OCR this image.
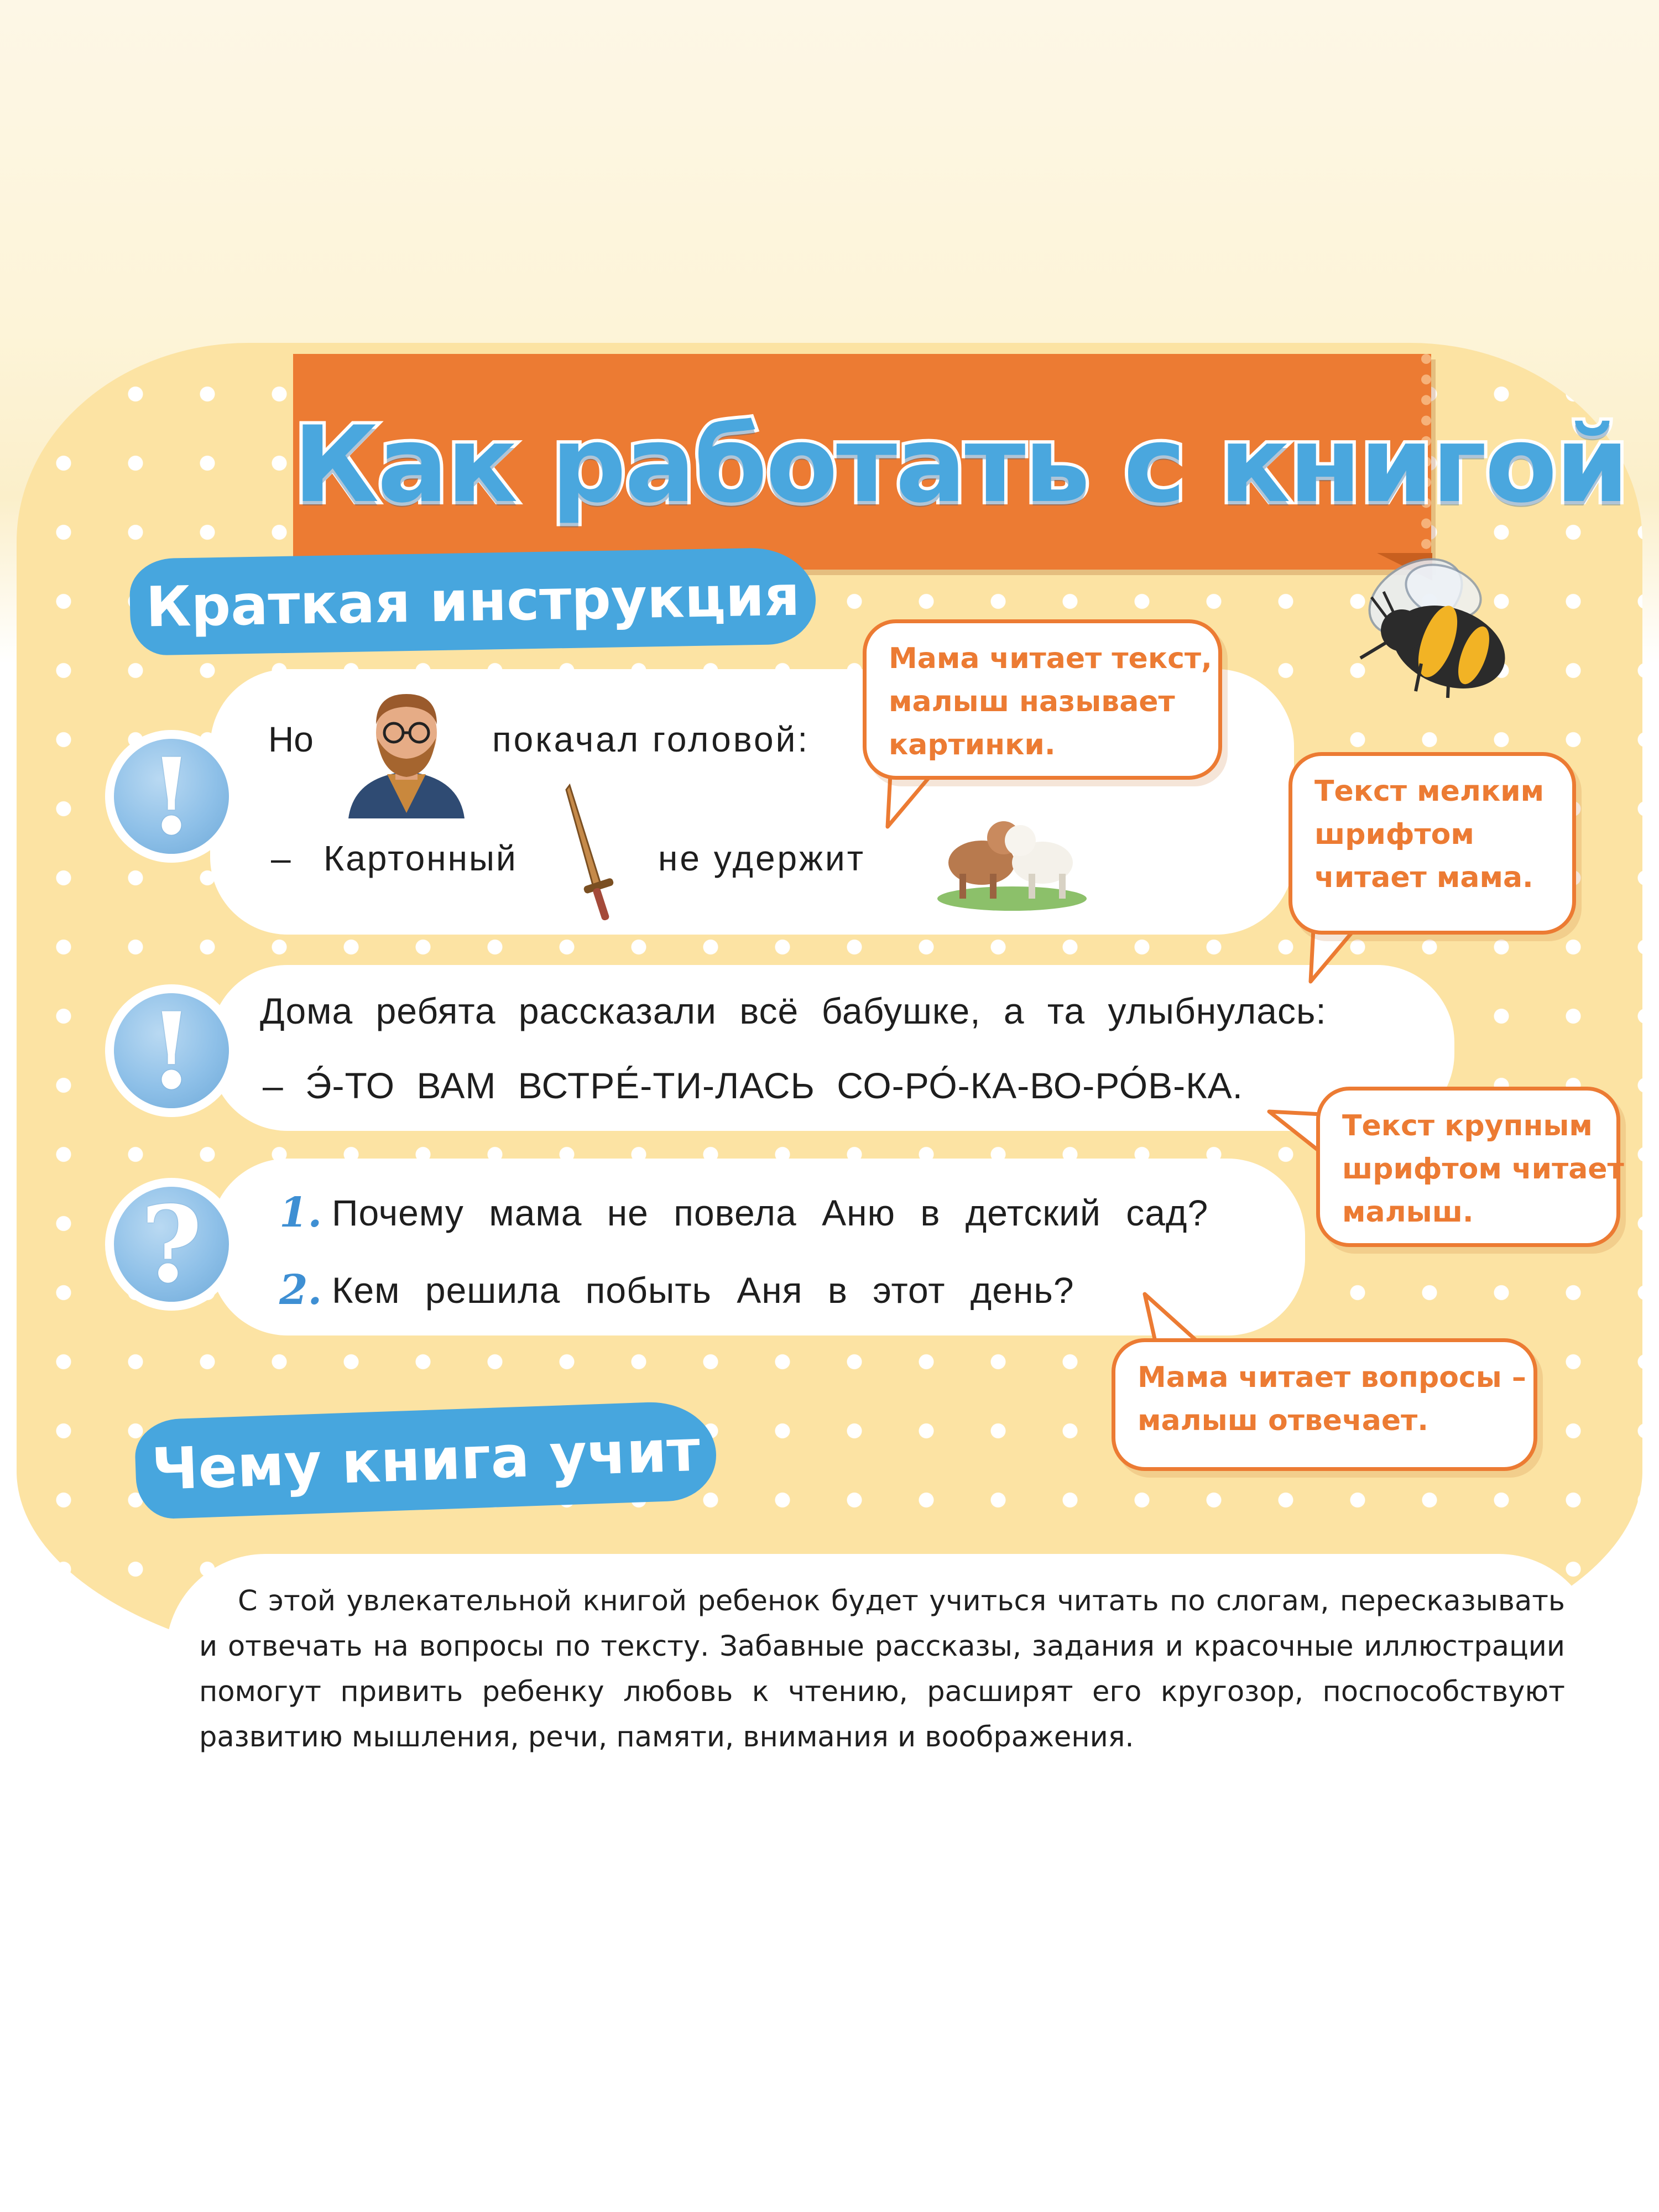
Как работать с книгой
Краткая инструкция
!	Но	покачал головой:
– Картонный	не удержит
!	Дома ребята рассказали всё бабушке, а та улыбнулась:
– Э́-ТО ВАМ ВСТРЕ́-ТИ-ЛАСЬ СО-РО́-КА-ВО-РО́В-КА.
?	1. Почему мама не повела Аню в детский сад?
2. Кем решила побыть Аня в этот день?
Мама читает текст,
малыш называет
картинки.
Текст мелким
шрифтом
читает мама.
Текст крупным
шрифтом читает
малыш.
Мама читает вопросы –
малыш отвечает.
Чему книга учит
С этой увлекательной книгой ребенок будет учиться читать по слогам, пересказывать и отвечать на вопросы по тексту. Забавные рассказы, задания и красочные иллюстрации помогут привить ребенку любовь к чтению, расширят его кругозор, поспособствуют развитию мышления, речи, памяти, внимания и воображения.
